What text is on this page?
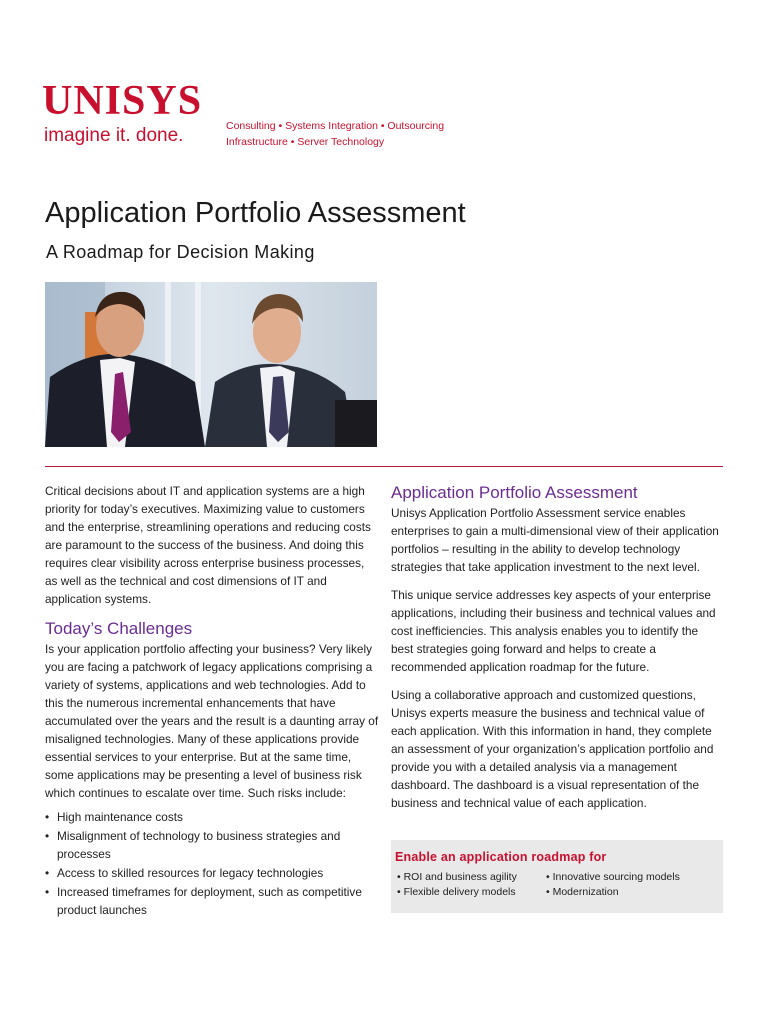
UNISYS
imagine it. done.	Consulting • Systems Integration • Outsourcing
Infrastructure • Server Technology
Application Portfolio Assessment
A Roadmap for Decision Making

Critical decisions about IT and application systems are a high priority for today’s executives. Maximizing value to customers and the enterprise, streamlining operations and reducing costs are paramount to the success of the business. And doing this requires clear visibility across enterprise business processes, as well as the technical and cost dimensions of IT and application systems.

Today’s Challenges

Is your application portfolio affecting your business? Very likely you are facing a patchwork of legacy applications comprising a variety of systems, applications and web technologies. Add to this the numerous incremental enhancements that have accumulated over the years and the result is a daunting array of misaligned technologies. Many of these applications provide essential services to your enterprise. But at the same time, some applications may be presenting a level of business risk which continues to escalate over time. Such risks include:

• High maintenance costs
• Misalignment of technology to business strategies and processes
• Access to skilled resources for legacy technologies
• Increased timeframes for deployment, such as competitive product launches
Application Portfolio Assessment

Unisys Application Portfolio Assessment service enables enterprises to gain a multi-dimensional view of their application portfolios – resulting in the ability to develop technology strategies that take application investment to the next level.

This unique service addresses key aspects of your enterprise applications, including their business and technical values and cost inefficiencies. This analysis enables you to identify the best strategies going forward and helps to create a recommended application roadmap for the future.

Using a collaborative approach and customized questions, Unisys experts measure the business and technical value of each application. With this information in hand, they complete an assessment of your organization’s application portfolio and provide you with a detailed analysis via a management dashboard. The dashboard is a visual representation of the business and technical value of each application.

Enable an application roadmap for
• ROI and business agility
• Flexible delivery models
• Innovative sourcing models
• Modernization
